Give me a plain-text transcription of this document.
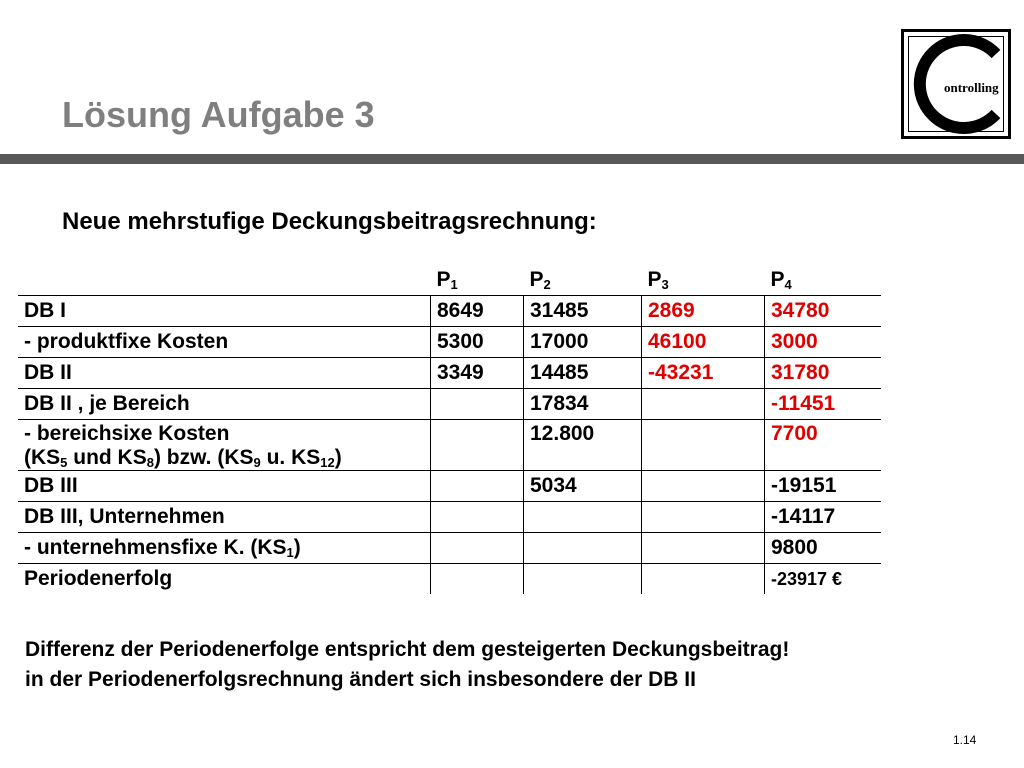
Lösung Aufgabe 3
ontrolling
Neue mehrstufige Deckungsbeitragsrechnung:
	$P_1$	$P_2$	$P_3$	$P_4$
DB I	8649	31485	2869	34780
- produktfixe Kosten	5300	17000	46100	3000
DB II	3349	14485	-43231	31780
DB II , je Bereich		17834		-11451
- bereichsixe Kosten
($KS_5$ und $KS_8$) bzw. ($KS_9$ u. $KS_{12}$)		12.800		7700
DB III		5034		-19151
DB III, Unternehmen				-14117
- unternehmensfixe K. $(KS_1)$				9800
Periodenerfolg				-23917 €
Differenz der Periodenerfolge entspricht dem gesteigerten Deckungsbeitrag!
in der Periodenerfolgsrechnung ändert sich insbesondere der DB II
1.14
